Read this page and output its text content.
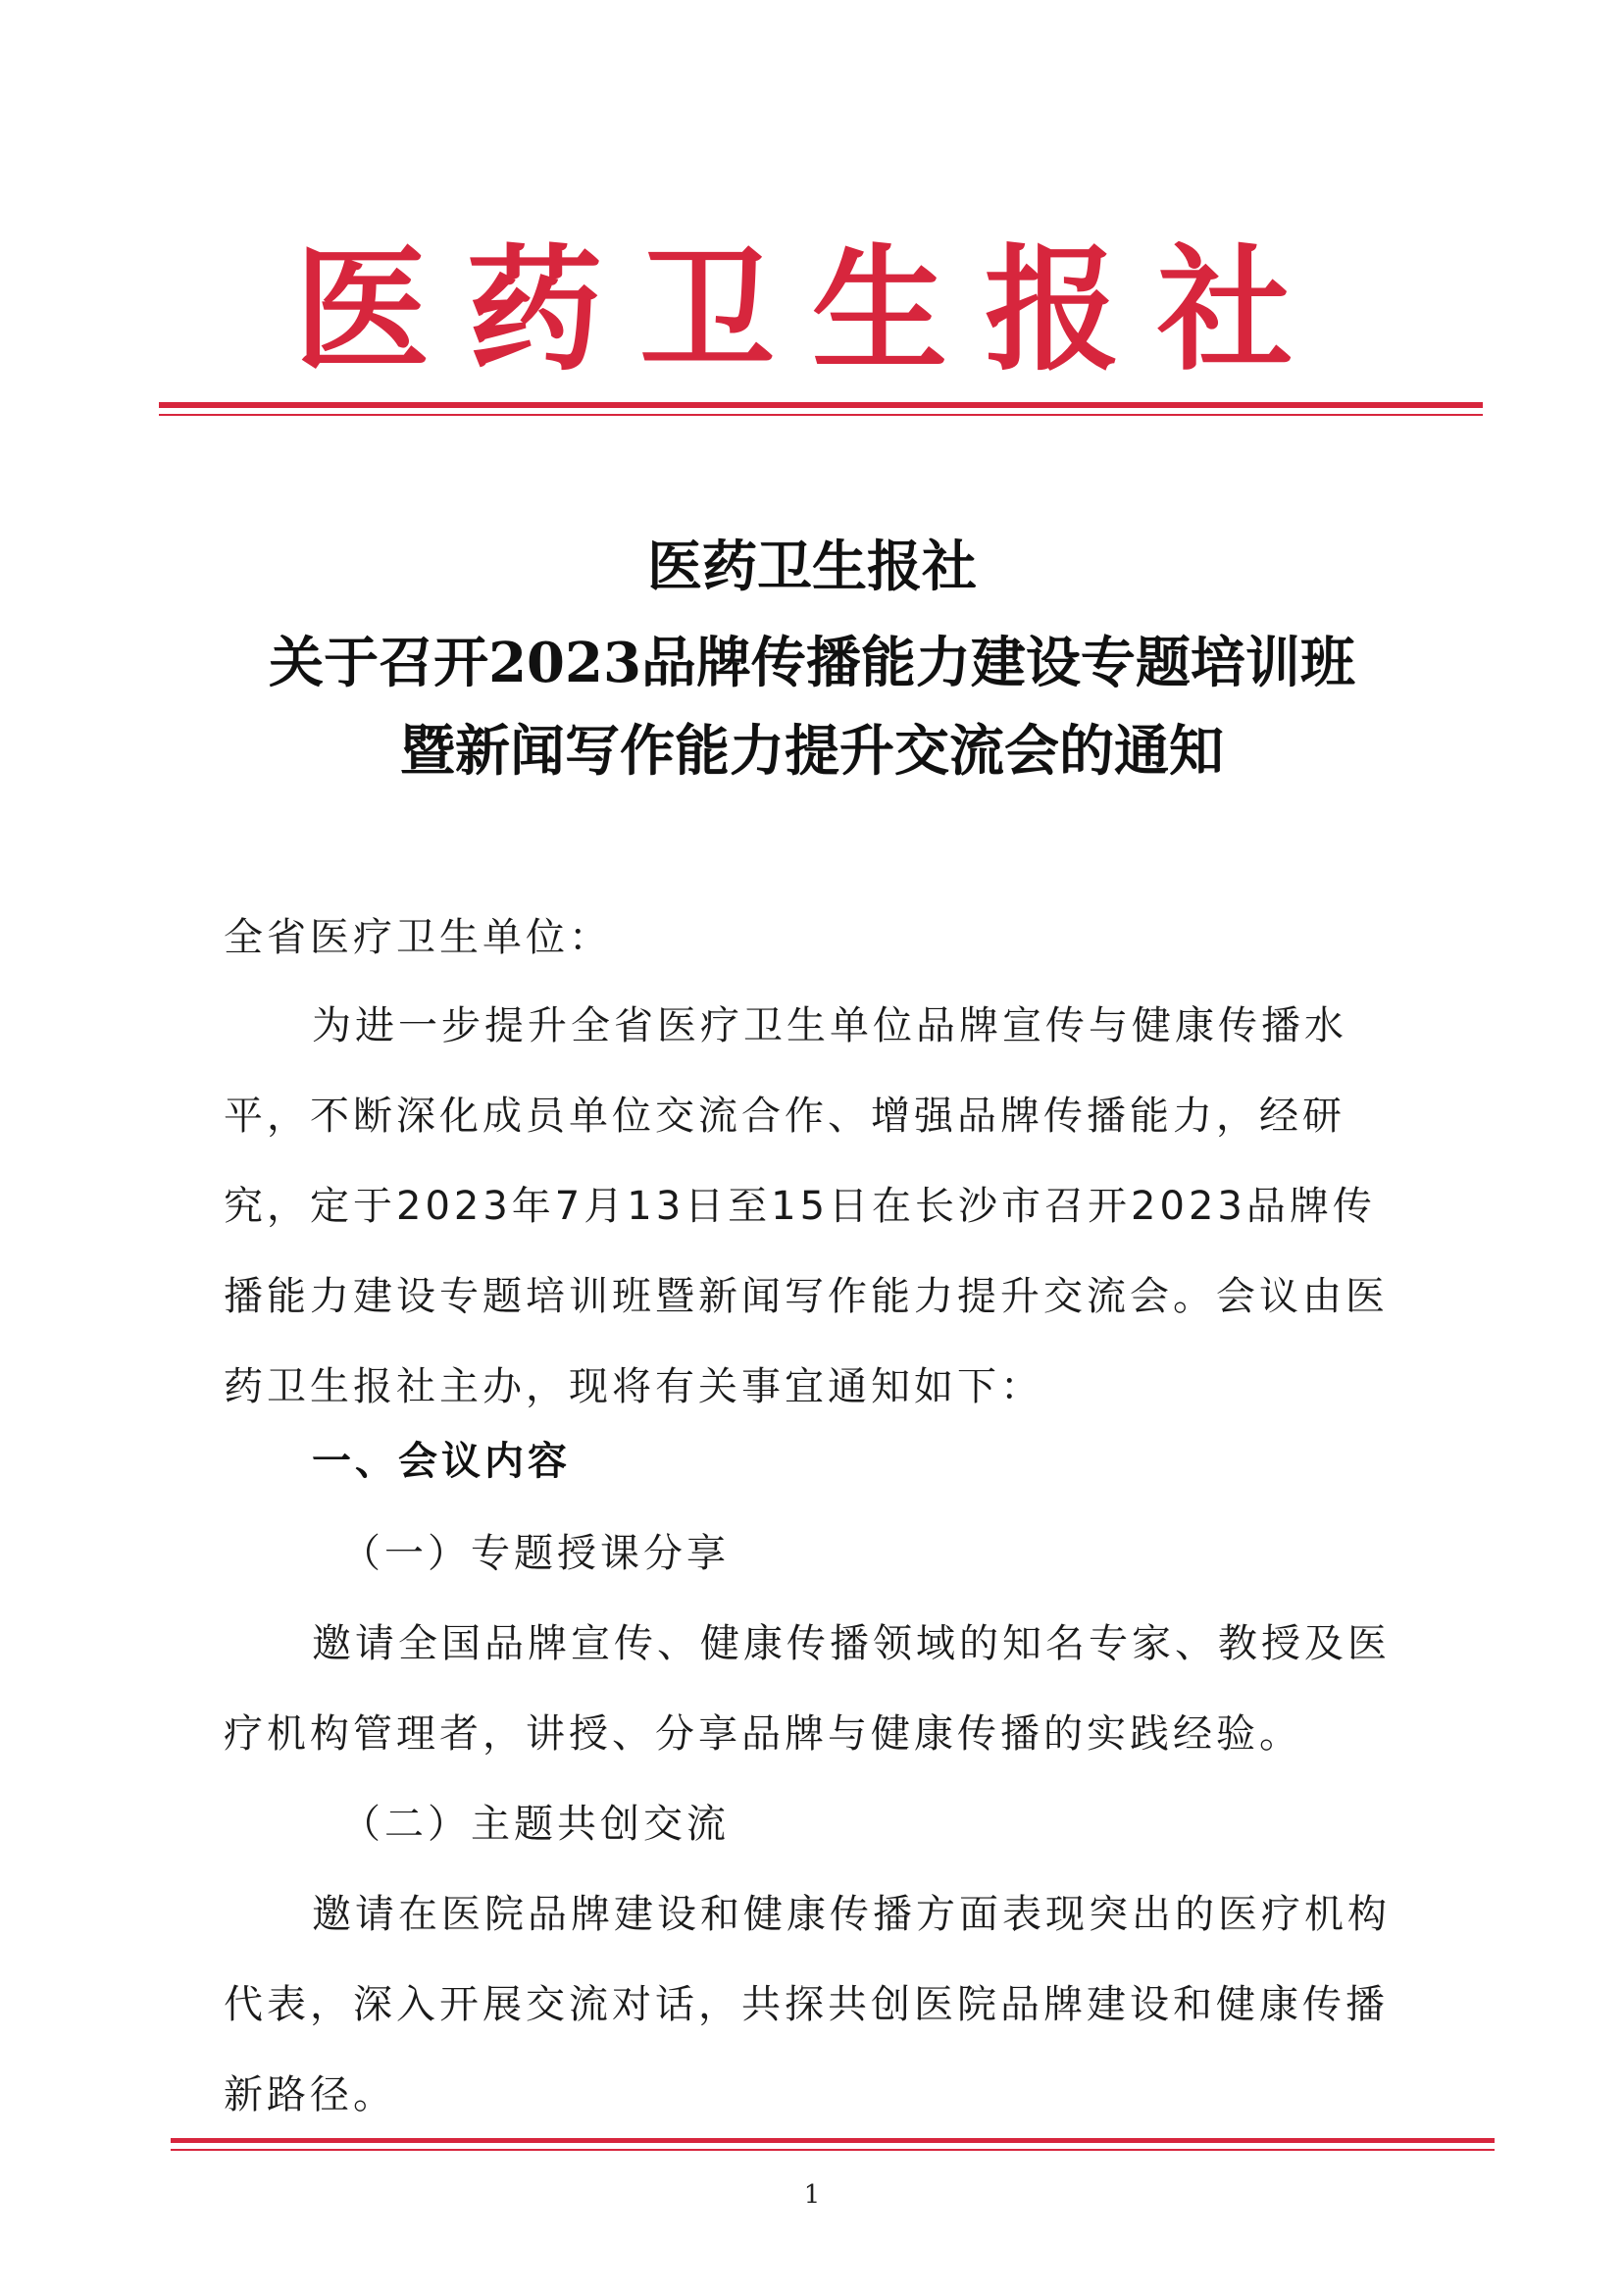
医药卫生报社
医药卫生报社
关于召开2023品牌传播能力建设专题培训班
暨新闻写作能力提升交流会的通知

全省医疗卫生单位：

为进一步提升全省医疗卫生单位品牌宣传与健康传播水平，不断深化成员单位交流合作、增强品牌传播能力，经研究，定于2023年7月13日至15日在长沙市召开2023品牌传播能力建设专题培训班暨新闻写作能力提升交流会。会议由医药卫生报社主办，现将有关事宜通知如下：

一、会议内容
（一）专题授课分享

邀请全国品牌宣传、健康传播领域的知名专家、教授及医疗机构管理者，讲授、分享品牌与健康传播的实践经验。

（二）主题共创交流

邀请在医院品牌建设和健康传播方面表现突出的医疗机构代表，深入开展交流对话，共探共创医院品牌建设和健康传播新路径。

1
